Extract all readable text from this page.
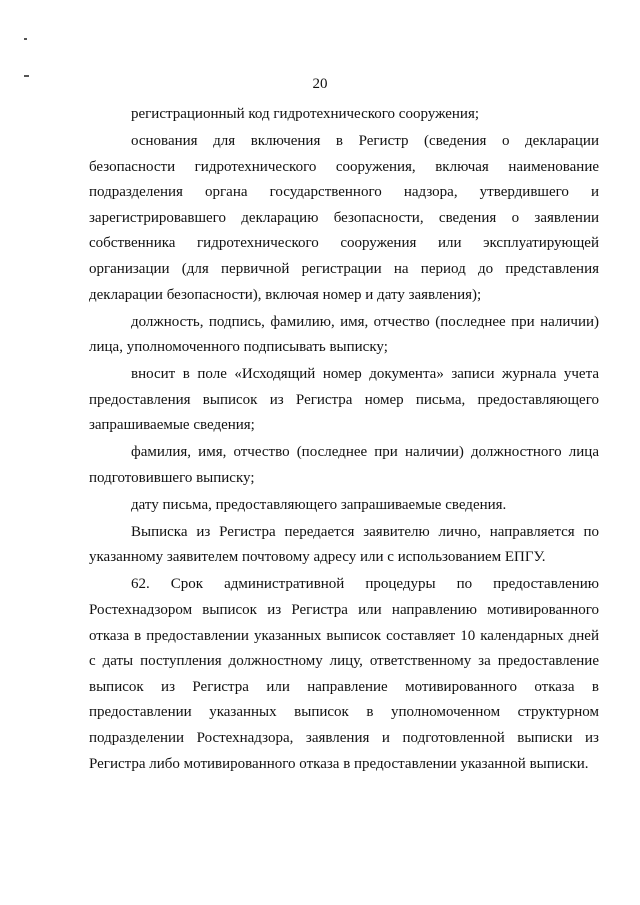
20

регистрационный код гидротехнического сооружения;

основания для включения в Регистр (сведения о декларации безопасности гидротехнического сооружения, включая наименование подразделения органа государственного надзора, утвердившего и зарегистрировавшего декларацию безопасности, сведения о заявлении собственника гидротехнического сооружения или эксплуатирующей организации (для первичной регистрации на период до представления декларации безопасности), включая номер и дату заявления);

должность, подпись, фамилию, имя, отчество (последнее при наличии) лица, уполномоченного подписывать выписку;

вносит в поле «Исходящий номер документа» записи журнала учета предоставления выписок из Регистра номер письма, предоставляющего запрашиваемые сведения;

фамилия, имя, отчество (последнее при наличии) должностного лица подготовившего выписку;

дату письма, предоставляющего запрашиваемые сведения.

Выписка из Регистра передается заявителю лично, направляется по указанному заявителем почтовому адресу или с использованием ЕПГУ.

62. Срок административной процедуры по предоставлению Ростехнадзором выписок из Регистра или направлению мотивированного отказа в предоставлении указанных выписок составляет 10 календарных дней с даты поступления должностному лицу, ответственному за предоставление выписок из Регистра или направление мотивированного отказа в предоставлении указанных выписок в уполномоченном структурном подразделении Ростехнадзора, заявления и подготовленной выписки из Регистра либо мотивированного отказа в предоставлении указанной выписки.
